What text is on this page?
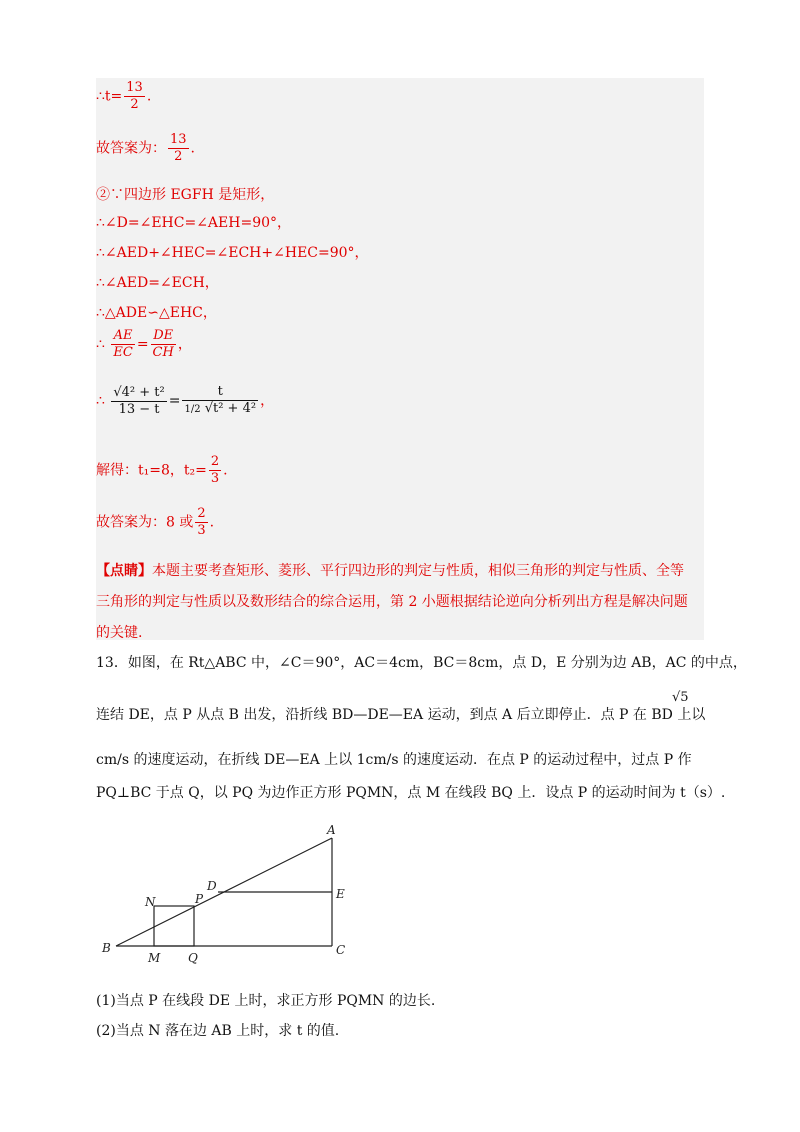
∴t= $\frac{13}{2}$ .
故答案为： $\frac{13}{2}$ .
②∵四边形 EGFH 是矩形，
∴∠D=∠EHC=∠AEH=90°，
∴∠AED+∠HEC=∠ECH+∠HEC=90°，
∴∠AED=∠ECH，
∴△ADE∽△EHC，
∴ $\frac{AE}{EC} = \frac{DE}{CH}$ ，
∴ $\frac{\text{√4² + t²}}{13 - t} = \frac{t}{\text{1/2 √t² + 4²}}$ ，
解得：t₁=8，$t_2= \frac{2}{3}$ .
故答案为：8 或 $\frac{2}{3}$ .
【点睛】本题主要考查矩形、菱形、平行四边形的判定与性质，相似三角形的判定与性质、全等
三角形的判定与性质以及数形结合的综合运用，第 2 小题根据结论逆向分析列出方程是解决问题
的关键.
13．如图，在 Rt△ABC 中，∠C＝90°，AC＝4cm，BC＝8cm，点 D，E 分别为边 AB，AC 的中点，
连结 DE，点 P 从点 B 出发，沿折线 BD—DE—EA 运动，到点 A 后立即停止．点 P 在 BD 上以
√5
cm/s 的速度运动，在折线 DE—EA 上以 1cm/s 的速度运动．在点 P 的运动过程中，过点 P 作
PQ⊥BC 于点 Q，以 PQ 为边作正方形 PQMN，点 M 在线段 BQ 上．设点 P 的运动时间为 t（s）.
A
B	C
D
E
N	P
M Q
(1)当点 P 在线段 DE 上时，求正方形 PQMN 的边长.
(2)当点 N 落在边 AB 上时，求 t 的值.
